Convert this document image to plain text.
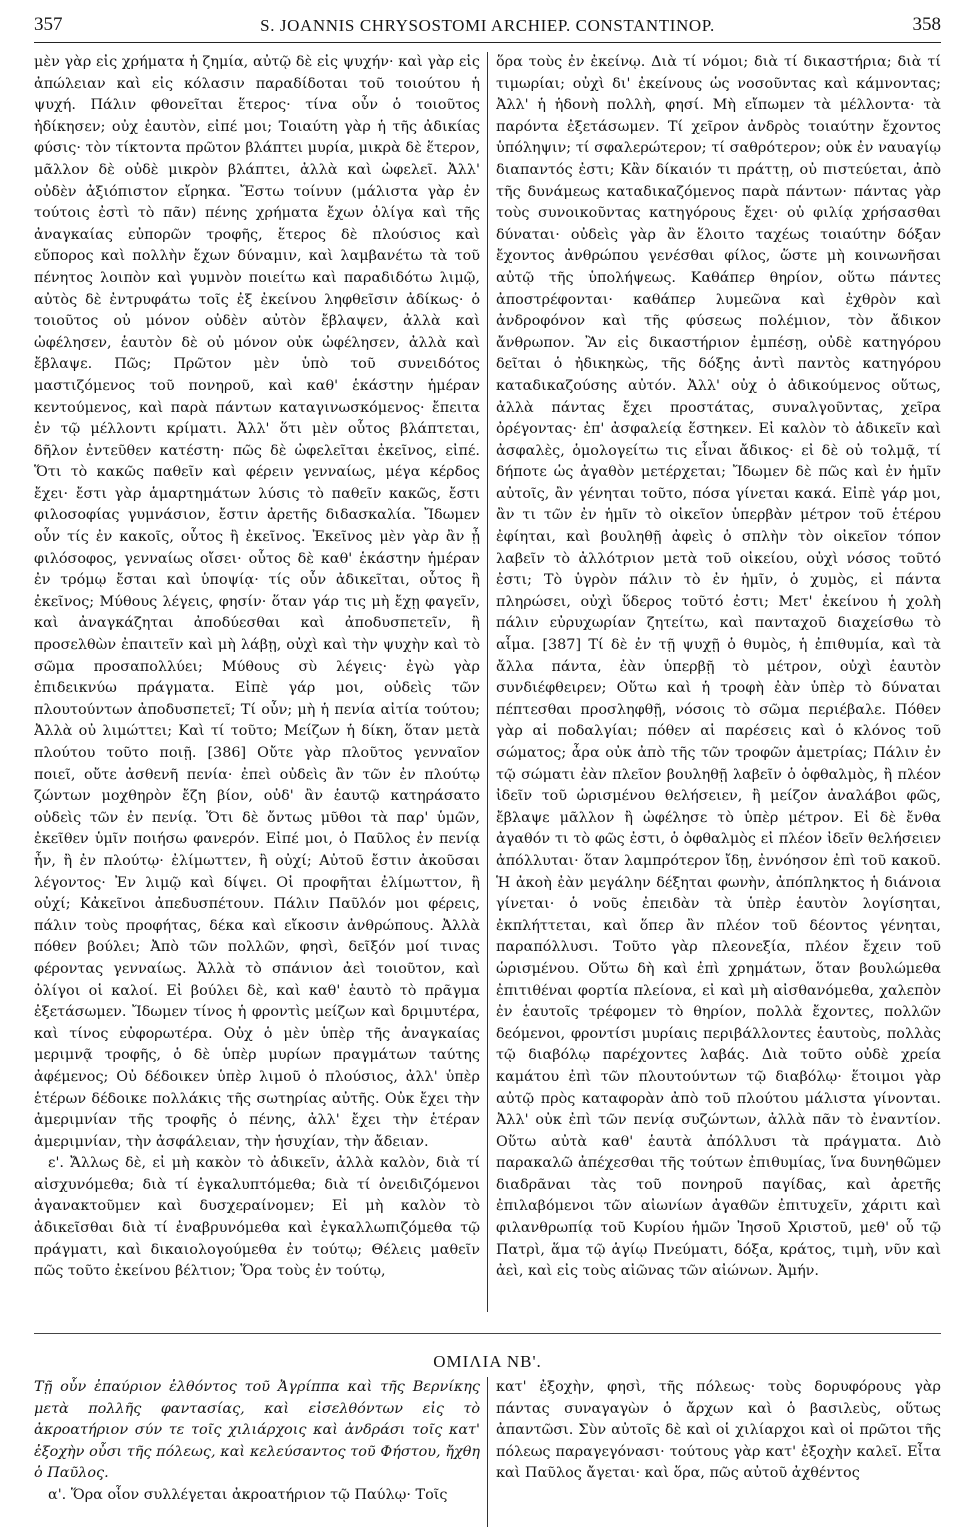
357	S. JOANNIS CHRYSOSTOMI ARCHIEP. CONSTANTINOP.	358

μὲν γὰρ εἰς χρήματα ἡ ζημία, αὐτῷ δὲ εἰς ψυχήν· καὶ γὰρ εἰς ἀπώλειαν καὶ εἰς κόλασιν παραδίδοται τοῦ τοιούτου ἡ ψυχή. Πάλιν φθονεῖται ἕτερος· τίνα οὖν ὁ τοιοῦτος ἠδίκησεν; οὐχ ἑαυτὸν, εἰπέ μοι; Τοιαύτη γὰρ ἡ τῆς ἀδικίας φύσις· τὸν τίκτοντα πρῶτον βλάπτει μυρία, μικρὰ δὲ ἕτερον, μᾶλλον δὲ οὐδὲ μικρὸν βλάπτει, ἀλλὰ καὶ ὠφελεῖ. Ἀλλ' οὐδὲν ἀξιόπιστον εἴρηκα. Ἔστω τοίνυν (μάλιστα γὰρ ἐν τούτοις ἐστὶ τὸ πᾶν) πένης χρήματα ἔχων ὀλίγα καὶ τῆς ἀναγκαίας εὐπορῶν τροφῆς, ἕτερος δὲ πλούσιος καὶ εὔπορος καὶ πολλὴν ἔχων δύναμιν, καὶ λαμβανέτω τὰ τοῦ πένητος λοιπὸν καὶ γυμνὸν ποιείτω καὶ παραδιδότω λιμῷ, αὐτὸς δὲ ἐντρυφάτω τοῖς ἐξ ἐκείνου ληφθεῖσιν ἀδίκως· ὁ τοιοῦτος οὐ μόνον οὐδὲν αὐτὸν ἔβλαψεν, ἀλλὰ καὶ ὠφέλησεν, ἑαυτὸν δὲ οὐ μόνον οὐκ ὠφέλησεν, ἀλλὰ καὶ ἔβλαψε. Πῶς; Πρῶτον μὲν ὑπὸ τοῦ συνειδότος μαστιζόμενος τοῦ πονηροῦ, καὶ καθ' ἑκάστην ἡμέραν κεντούμενος, καὶ παρὰ πάντων καταγινωσκόμενος· ἔπειτα ἐν τῷ μέλλοντι κρίματι. Ἀλλ' ὅτι μὲν οὗτος βλάπτεται, δῆλον ἐντεῦθεν κατέστη· πῶς δὲ ὠφελεῖται ἐκεῖνος, εἰπέ. Ὅτι τὸ κακῶς παθεῖν καὶ φέρειν γενναίως, μέγα κέρδος ἔχει· ἔστι γὰρ ἁμαρτημάτων λύσις τὸ παθεῖν κακῶς, ἔστι φιλοσοφίας γυμνάσιον, ἔστιν ἀρετῆς διδασκαλία. Ἴδωμεν οὖν τίς ἐν κακοῖς, οὗτος ἢ ἐκεῖνος. Ἐκεῖνος μὲν γὰρ ἂν ᾖ φιλόσοφος, γενναίως οἴσει· οὗτος δὲ καθ' ἑκάστην ἡμέραν ἐν τρόμῳ ἔσται καὶ ὑποψίᾳ· τίς οὖν ἀδικεῖται, οὗτος ἢ ἐκεῖνος; Μύθους λέγεις, φησίν· ὅταν γάρ τις μὴ ἔχῃ φαγεῖν, καὶ ἀναγκάζηται ἀποδύεσθαι καὶ ἀποδυσπετεῖν, ἢ προσελθὼν ἐπαιτεῖν καὶ μὴ λάβῃ, οὐχὶ καὶ τὴν ψυχὴν καὶ τὸ σῶμα προσαπολλύει; Μύθους σὺ λέγεις· ἐγὼ γὰρ ἐπιδεικνύω πράγματα. Εἰπὲ γάρ μοι, οὐδεὶς τῶν πλουτούντων ἀποδυσπετεῖ; Τί οὖν; μὴ ἡ πενία αἰτία τούτου; Ἀλλὰ οὐ λιμώττει; Καὶ τί τοῦτο; Μείζων ἡ δίκη, ὅταν μετὰ πλούτου τοῦτο ποιῇ. [386] Οὔτε γὰρ πλοῦτος γενναῖον ποιεῖ, οὔτε ἀσθενῆ πενία· ἐπεὶ οὐδεὶς ἂν τῶν ἐν πλούτῳ ζώντων μοχθηρὸν ἔζη βίον, οὐδ' ἂν ἑαυτῷ κατηράσατο οὐδεὶς τῶν ἐν πενίᾳ. Ὅτι δὲ ὄντως μῦθοι τὰ παρ' ὑμῶν, ἐκεῖθεν ὑμῖν ποιήσω φανερόν. Εἰπέ μοι, ὁ Παῦλος ἐν πενίᾳ ἦν, ἢ ἐν πλούτῳ· ἐλίμωττεν, ἢ οὐχί; Αὐτοῦ ἔστιν ἀκοῦσαι λέγοντος· Ἐν λιμῷ καὶ δίψει. Οἱ προφῆται ἐλίμωττον, ἢ οὐχί; Κἀκεῖνοι ἀπεδυσπέτουν. Πάλιν Παῦλόν μοι φέρεις, πάλιν τοὺς προφήτας, δέκα καὶ εἴκοσιν ἀνθρώπους. Ἀλλὰ πόθεν βούλει; Ἀπὸ τῶν πολλῶν, φησὶ, δεῖξόν μοί τινας φέροντας γενναίως. Ἀλλὰ τὸ σπάνιον ἀεὶ τοιοῦτον, καὶ ὀλίγοι οἱ καλοί. Εἰ βούλει δὲ, καὶ καθ' ἑαυτὸ τὸ πρᾶγμα ἐξετάσωμεν. Ἴδωμεν τίνος ἡ φροντὶς μείζων καὶ δριμυτέρα, καὶ τίνος εὐφορωτέρα. Οὐχ ὁ μὲν ὑπὲρ τῆς ἀναγκαίας μεριμνᾷ τροφῆς, ὁ δὲ ὑπὲρ μυρίων πραγμάτων ταύτης ἀφέμενος; Οὐ δέδοικεν ὑπὲρ λιμοῦ ὁ πλούσιος, ἀλλ' ὑπὲρ ἑτέρων δέδοικε πολλάκις τῆς σωτηρίας αὐτῆς. Οὐκ ἔχει τὴν ἀμεριμνίαν τῆς τροφῆς ὁ πένης, ἀλλ' ἔχει τὴν ἑτέραν ἀμεριμνίαν, τὴν ἀσφάλειαν, τὴν ἡσυχίαν, τὴν ἄδειαν.

ε'. Ἄλλως δὲ, εἰ μὴ κακὸν τὸ ἀδικεῖν, ἀλλὰ καλὸν, διὰ τί αἰσχυνόμεθα; διὰ τί ἐγκαλυπτόμεθα; διὰ τί ὀνειδιζόμενοι ἀγανακτοῦμεν καὶ δυσχεραίνομεν; Εἰ μὴ καλὸν τὸ ἀδικεῖσθαι διὰ τί ἐναβρυνόμεθα καὶ ἐγκαλλωπιζόμεθα τῷ πράγματι, καὶ δικαιολογούμεθα ἐν τούτῳ; Θέλεις μαθεῖν πῶς τοῦτο ἐκείνου βέλτιον; Ὅρα τοὺς ἐν τούτῳ,

ὅρα τοὺς ἐν ἐκείνῳ. Διὰ τί νόμοι; διὰ τί δικαστήρια; διὰ τί τιμωρίαι; οὐχὶ δι' ἐκείνους ὡς νοσοῦντας καὶ κάμνοντας; Ἀλλ' ἡ ἡδονὴ πολλὴ, φησί. Μὴ εἴπωμεν τὰ μέλλοντα· τὰ παρόντα ἐξετάσωμεν. Τί χεῖρον ἀνδρὸς τοιαύτην ἔχοντος ὑπόληψιν; τί σφαλερώτερον; τί σαθρότερον; οὐκ ἐν ναυαγίῳ διαπαντός ἐστι; Κἂν δίκαιόν τι πράττῃ, οὐ πιστεύεται, ἀπὸ τῆς δυνάμεως καταδικαζόμενος παρὰ πάντων· πάντας γὰρ τοὺς συνοικοῦντας κατηγόρους ἔχει· οὐ φιλίᾳ χρήσασθαι δύναται· οὐδεὶς γὰρ ἂν ἕλοιτο ταχέως τοιαύτην δόξαν ἔχοντος ἀνθρώπου γενέσθαι φίλος, ὥστε μὴ κοινωνῆσαι αὐτῷ τῆς ὑπολήψεως. Καθάπερ θηρίον, οὕτω πάντες ἀποστρέφονται· καθάπερ λυμεῶνα καὶ ἐχθρὸν καὶ ἀνδροφόνον καὶ τῆς φύσεως πολέμιον, τὸν ἄδικον ἄνθρωπον. Ἂν εἰς δικαστήριον ἐμπέσῃ, οὐδὲ κατηγόρου δεῖται ὁ ἠδικηκὼς, τῆς δόξης ἀντὶ παντὸς κατηγόρου καταδικαζούσης αὐτόν. Ἀλλ' οὐχ ὁ ἀδικούμενος οὕτως, ἀλλὰ πάντας ἔχει προστάτας, συναλγοῦντας, χεῖρα ὀρέγοντας· ἐπ' ἀσφαλείᾳ ἕστηκεν. Εἰ καλὸν τὸ ἀδικεῖν καὶ ἀσφαλὲς, ὁμολογείτω τις εἶναι ἄδικος· εἰ δὲ οὐ τολμᾷ, τί δήποτε ὡς ἀγαθὸν μετέρχεται; Ἴδωμεν δὲ πῶς καὶ ἐν ἡμῖν αὐτοῖς, ἂν γένηται τοῦτο, πόσα γίνεται κακά. Εἰπὲ γάρ μοι, ἂν τι τῶν ἐν ἡμῖν τὸ οἰκεῖον ὑπερβὰν μέτρον τοῦ ἑτέρου ἐφίηται, καὶ βουληθῇ ἀφεὶς ὁ σπλὴν τὸν οἰκεῖον τόπον λαβεῖν τὸ ἀλλότριον μετὰ τοῦ οἰκείου, οὐχὶ νόσος τοῦτό ἐστι; Τὸ ὑγρὸν πάλιν τὸ ἐν ἡμῖν, ὁ χυμὸς, εἰ πάντα πληρώσει, οὐχὶ ὕδερος τοῦτό ἐστι; Μετ' ἐκείνου ἡ χολὴ πάλιν εὐρυχωρίαν ζητείτω, καὶ πανταχοῦ διαχείσθω τὸ αἷμα. [387] Τί δὲ ἐν τῇ ψυχῇ ὁ θυμὸς, ἡ ἐπιθυμία, καὶ τὰ ἄλλα πάντα, ἐὰν ὑπερβῇ τὸ μέτρον, οὐχὶ ἑαυτὸν συνδιέφθειρεν; Οὕτω καὶ ἡ τροφὴ ἐὰν ὑπὲρ τὸ δύναται πέπτεσθαι προσληφθῇ, νόσοις τὸ σῶμα περιέβαλε. Πόθεν γὰρ αἱ ποδαλγίαι; πόθεν αἱ παρέσεις καὶ ὁ κλόνος τοῦ σώματος; ἆρα οὐκ ἀπὸ τῆς τῶν τροφῶν ἀμετρίας; Πάλιν ἐν τῷ σώματι ἐὰν πλεῖον βουληθῇ λαβεῖν ὁ ὀφθαλμὸς, ἢ πλέον ἰδεῖν τοῦ ὡρισμένου θελήσειεν, ἢ μείζον ἀναλάβοι φῶς, ἔβλαψε μᾶλλον ἢ ὠφέλησε τὸ ὑπὲρ μέτρον. Εἰ δὲ ἔνθα ἀγαθόν τι τὸ φῶς ἐστι, ὁ ὀφθαλμὸς εἰ πλέον ἰδεῖν θελήσειεν ἀπόλλυται· ὅταν λαμπρότερον ἴδῃ, ἐννόησον ἐπὶ τοῦ κακοῦ. Ἡ ἀκοὴ ἐὰν μεγάλην δέξηται φωνὴν, ἀπόπληκτος ἡ διάνοια γίνεται· ὁ νοῦς ἐπειδὰν τὰ ὑπὲρ ἑαυτὸν λογίσηται, ἐκπλήττεται, καὶ ὅπερ ἂν πλέον τοῦ δέοντος γένηται, παραπόλλυσι. Τοῦτο γὰρ πλεονεξία, πλέον ἔχειν τοῦ ὡρισμένου. Οὕτω δὴ καὶ ἐπὶ χρημάτων, ὅταν βουλώμεθα ἐπιτιθέναι φορτία πλείονα, εἰ καὶ μὴ αἰσθανόμεθα, χαλεπὸν ἐν ἑαυτοῖς τρέφομεν τὸ θηρίον, πολλὰ ἔχοντες, πολλῶν δεόμενοι, φροντίσι μυρίαις περιβάλλοντες ἑαυτοὺς, πολλὰς τῷ διαβόλῳ παρέχοντες λαβάς. Διὰ τοῦτο οὐδὲ χρεία καμάτου ἐπὶ τῶν πλουτούντων τῷ διαβόλῳ· ἕτοιμοι γὰρ αὐτῷ πρὸς καταφορὰν ἀπὸ τοῦ πλούτου μάλιστα γίνονται. Ἀλλ' οὐκ ἐπὶ τῶν πενίᾳ συζώντων, ἀλλὰ πᾶν τὸ ἐναντίον. Οὕτω αὐτὰ καθ' ἑαυτὰ ἀπόλλυσι τὰ πράγματα. Διὸ παρακαλῶ ἀπέχεσθαι τῆς τούτων ἐπιθυμίας, ἵνα δυνηθῶμεν διαδρᾶναι τὰς τοῦ πονηροῦ παγίδας, καὶ ἀρετῆς ἐπιλαβόμενοι τῶν αἰωνίων ἀγαθῶν ἐπιτυχεῖν, χάριτι καὶ φιλανθρωπίᾳ τοῦ Κυρίου ἡμῶν Ἰησοῦ Χριστοῦ, μεθ' οὗ τῷ Πατρὶ, ἅμα τῷ ἁγίῳ Πνεύματι, δόξα, κράτος, τιμὴ, νῦν καὶ ἀεὶ, καὶ εἰς τοὺς αἰῶνας τῶν αἰώνων. Ἀμήν.

ΟΜΙΛΙΑ ΝΒ'.

Τῇ οὖν ἐπαύριον ἐλθόντος τοῦ Ἀγρίππα καὶ τῆς Βερνίκης μετὰ πολλῆς φαντασίας, καὶ εἰσελθόντων εἰς τὸ ἀκροατήριον σύν τε τοῖς χιλιάρχοις καὶ ἀνδράσι τοῖς κατ' ἐξοχὴν οὖσι τῆς πόλεως, καὶ κελεύσαντος τοῦ Φήστου, ἤχθη ὁ Παῦλος.

α'. Ὅρα οἷον συλλέγεται ἀκροατήριον τῷ Παύλῳ· Τοῖς

κατ' ἐξοχὴν, φησὶ, τῆς πόλεως· τοὺς δορυφόρους γὰρ πάντας συναγαγὼν ὁ ἄρχων καὶ ὁ βασιλεὺς, οὕτως ἀπαντῶσι. Σὺν αὐτοῖς δὲ καὶ οἱ χιλίαρχοι καὶ οἱ πρῶτοι τῆς πόλεως παραγεγόνασι· τούτους γὰρ κατ' ἐξοχὴν καλεῖ. Εἶτα καὶ Παῦλος ἄγεται· καὶ ὅρα, πῶς αὐτοῦ ἀχθέντος
